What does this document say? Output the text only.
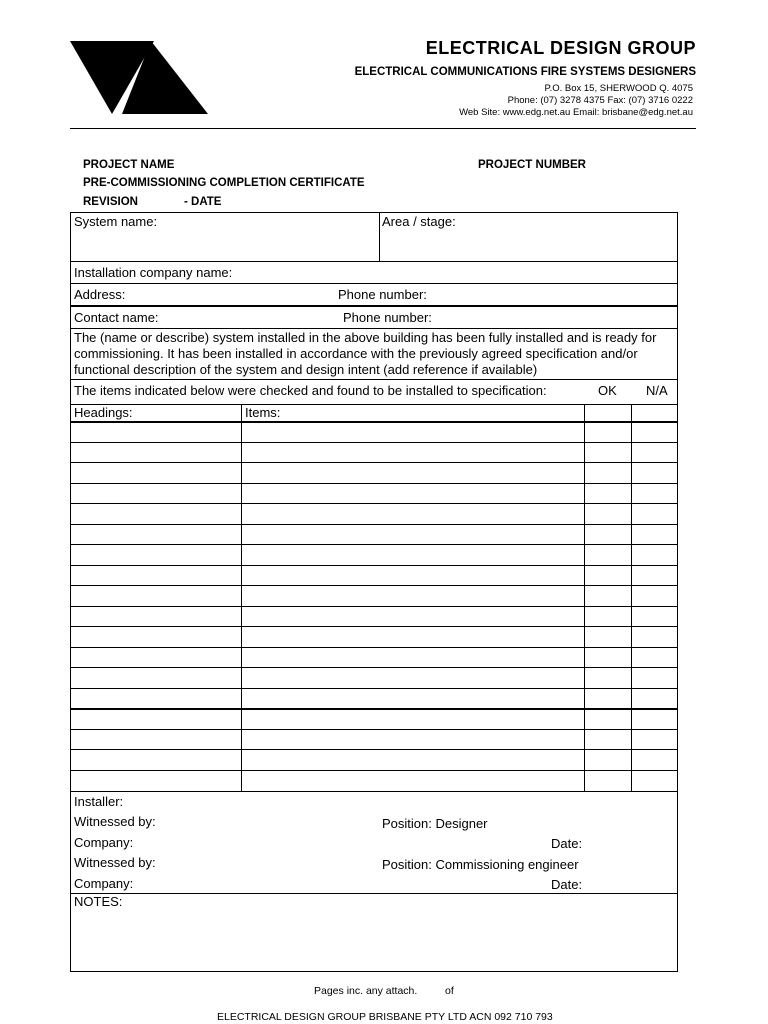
ELECTRICAL DESIGN GROUP
ELECTRICAL COMMUNICATIONS FIRE SYSTEMS DESIGNERS
P.O. Box 15, SHERWOOD Q. 4075
Phone: (07) 3278 4375 Fax: (07) 3716 0222
Web Site: www.edg.net.au Email: brisbane@edg.net.au
PROJECT NAME	PROJECT NUMBER
PRE-COMMISSIONING COMPLETION CERTIFICATE
REVISION	- DATE
System name:	Area / stage:
Installation company name:
Address:	Phone number:
Contact name:	Phone number:
The (name or describe) system installed in the above building has been fully installed and is ready for commissioning. It has been installed in accordance with the previously agreed specification and/or functional description of the system and design intent (add reference if available)
The items indicated below were checked and found to be installed to specification:	OK N/A
Headings:	Items:
Installer:
Witnessed by:	Position: Designer
Company:	Date:
Witnessed by:	Position: Commissioning engineer
Company:	Date:
NOTES:
Pages inc. any attach.	of
ELECTRICAL DESIGN GROUP BRISBANE PTY LTD ACN 092 710 793
